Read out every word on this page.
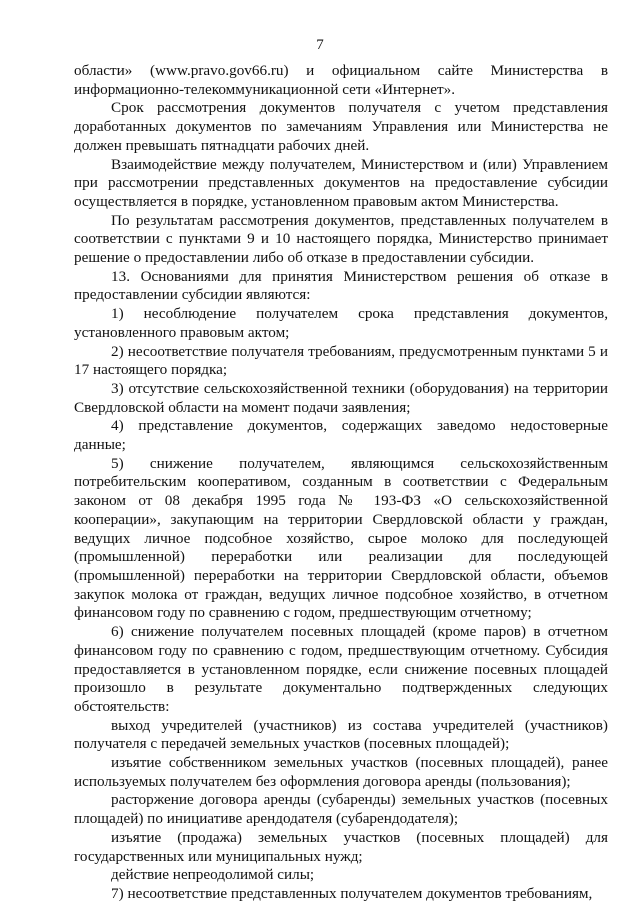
7

области» (www.pravo.gov66.ru) и официальном сайте Министерства в информационно-телекоммуникационной сети «Интернет».

Срок рассмотрения документов получателя с учетом представления доработанных документов по замечаниям Управления или Министерства не должен превышать пятнадцати рабочих дней.

Взаимодействие между получателем, Министерством и (или) Управлением при рассмотрении представленных документов на предоставление субсидии осуществляется в порядке, установленном правовым актом Министерства.

По результатам рассмотрения документов, представленных получателем в соответствии с пунктами 9 и 10 настоящего порядка, Министерство принимает решение о предоставлении либо об отказе в предоставлении субсидии.

13. Основаниями для принятия Министерством решения об отказе в предоставлении субсидии являются:

1) несоблюдение получателем срока представления документов, установленного правовым актом;

2) несоответствие получателя требованиям, предусмотренным пунктами 5 и 17 настоящего порядка;

3) отсутствие сельскохозяйственной техники (оборудования) на территории Свердловской области на момент подачи заявления;

4) представление документов, содержащих заведомо недостоверные данные;

5) снижение получателем, являющимся сельскохозяйственным потребительским кооперативом, созданным в соответствии с Федеральным законом от 08 декабря 1995 года № 193-ФЗ «О сельскохозяйственной кооперации», закупающим на территории Свердловской области у граждан, ведущих личное подсобное хозяйство, сырое молоко для последующей (промышленной) переработки или реализации для последующей (промышленной) переработки на территории Свердловской области, объемов закупок молока от граждан, ведущих личное подсобное хозяйство, в отчетном финансовом году по сравнению с годом, предшествующим отчетному;

6) снижение получателем посевных площадей (кроме паров) в отчетном финансовом году по сравнению с годом, предшествующим отчетному. Субсидия предоставляется в установленном порядке, если снижение посевных площадей произошло в результате документально подтвержденных следующих обстоятельств:

выход учредителей (участников) из состава учредителей (участников) получателя с передачей земельных участков (посевных площадей);

изъятие собственником земельных участков (посевных площадей), ранее используемых получателем без оформления договора аренды (пользования);

расторжение договора аренды (субаренды) земельных участков (посевных площадей) по инициативе арендодателя (субарендодателя);

изъятие (продажа) земельных участков (посевных площадей) для государственных или муниципальных нужд;

действие непреодолимой силы;

7) несоответствие представленных получателем документов требованиям,
